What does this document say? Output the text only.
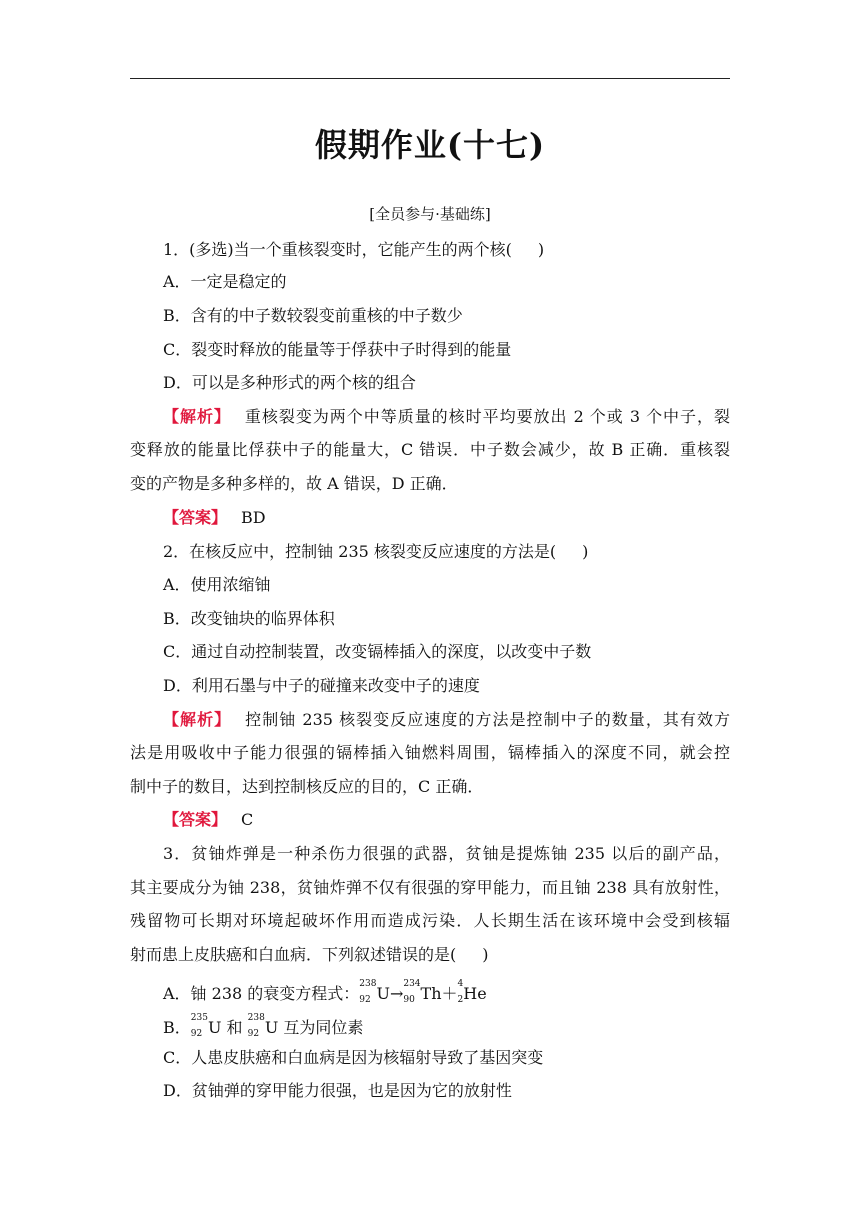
假期作业(十七)
[全员参与·基础练]
1．(多选)当一个重核裂变时，它能产生的两个核( )
A．一定是稳定的
B．含有的中子数较裂变前重核的中子数少
C．裂变时释放的能量等于俘获中子时得到的能量
D．可以是多种形式的两个核的组合
【解析】 重核裂变为两个中等质量的核时平均要放出 2 个或 3 个中子，裂
变释放的能量比俘获中子的能量大，C 错误．中子数会减少，故 B 正确．重核裂
变的产物是多种多样的，故 A 错误，D 正确．
【答案】 BD
2．在核反应中，控制铀 235 核裂变反应速度的方法是( )
A．使用浓缩铀
B．改变铀块的临界体积
C．通过自动控制装置，改变镉棒插入的深度，以改变中子数
D．利用石墨与中子的碰撞来改变中子的速度
【解析】 控制铀 235 核裂变反应速度的方法是控制中子的数量，其有效方
法是用吸收中子能力很强的镉棒插入铀燃料周围，镉棒插入的深度不同，就会控
制中子的数目，达到控制核反应的目的，C 正确．
【答案】 C
3．贫铀炸弹是一种杀伤力很强的武器，贫铀是提炼铀 235 以后的副产品，
其主要成分为铀 238，贫铀炸弹不仅有很强的穿甲能力，而且铀 238 具有放射性，
残留物可长期对环境起破坏作用而造成污染．人长期生活在该环境中会受到核辐
射而患上皮肤癌和白血病．下列叙述错误的是( )
A．铀 238 的衰变方程式：$^{238}$
$_{92}$ U→$^{234}$
$_{90}$ Th＋$^4$
$_2$He
B．$^{235}$
$_{92}$ U 和 $^{238}$
$_{92}$ U 互为同位素
C．人患皮肤癌和白血病是因为核辐射导致了基因突变
D．贫铀弹的穿甲能力很强，也是因为它的放射性
